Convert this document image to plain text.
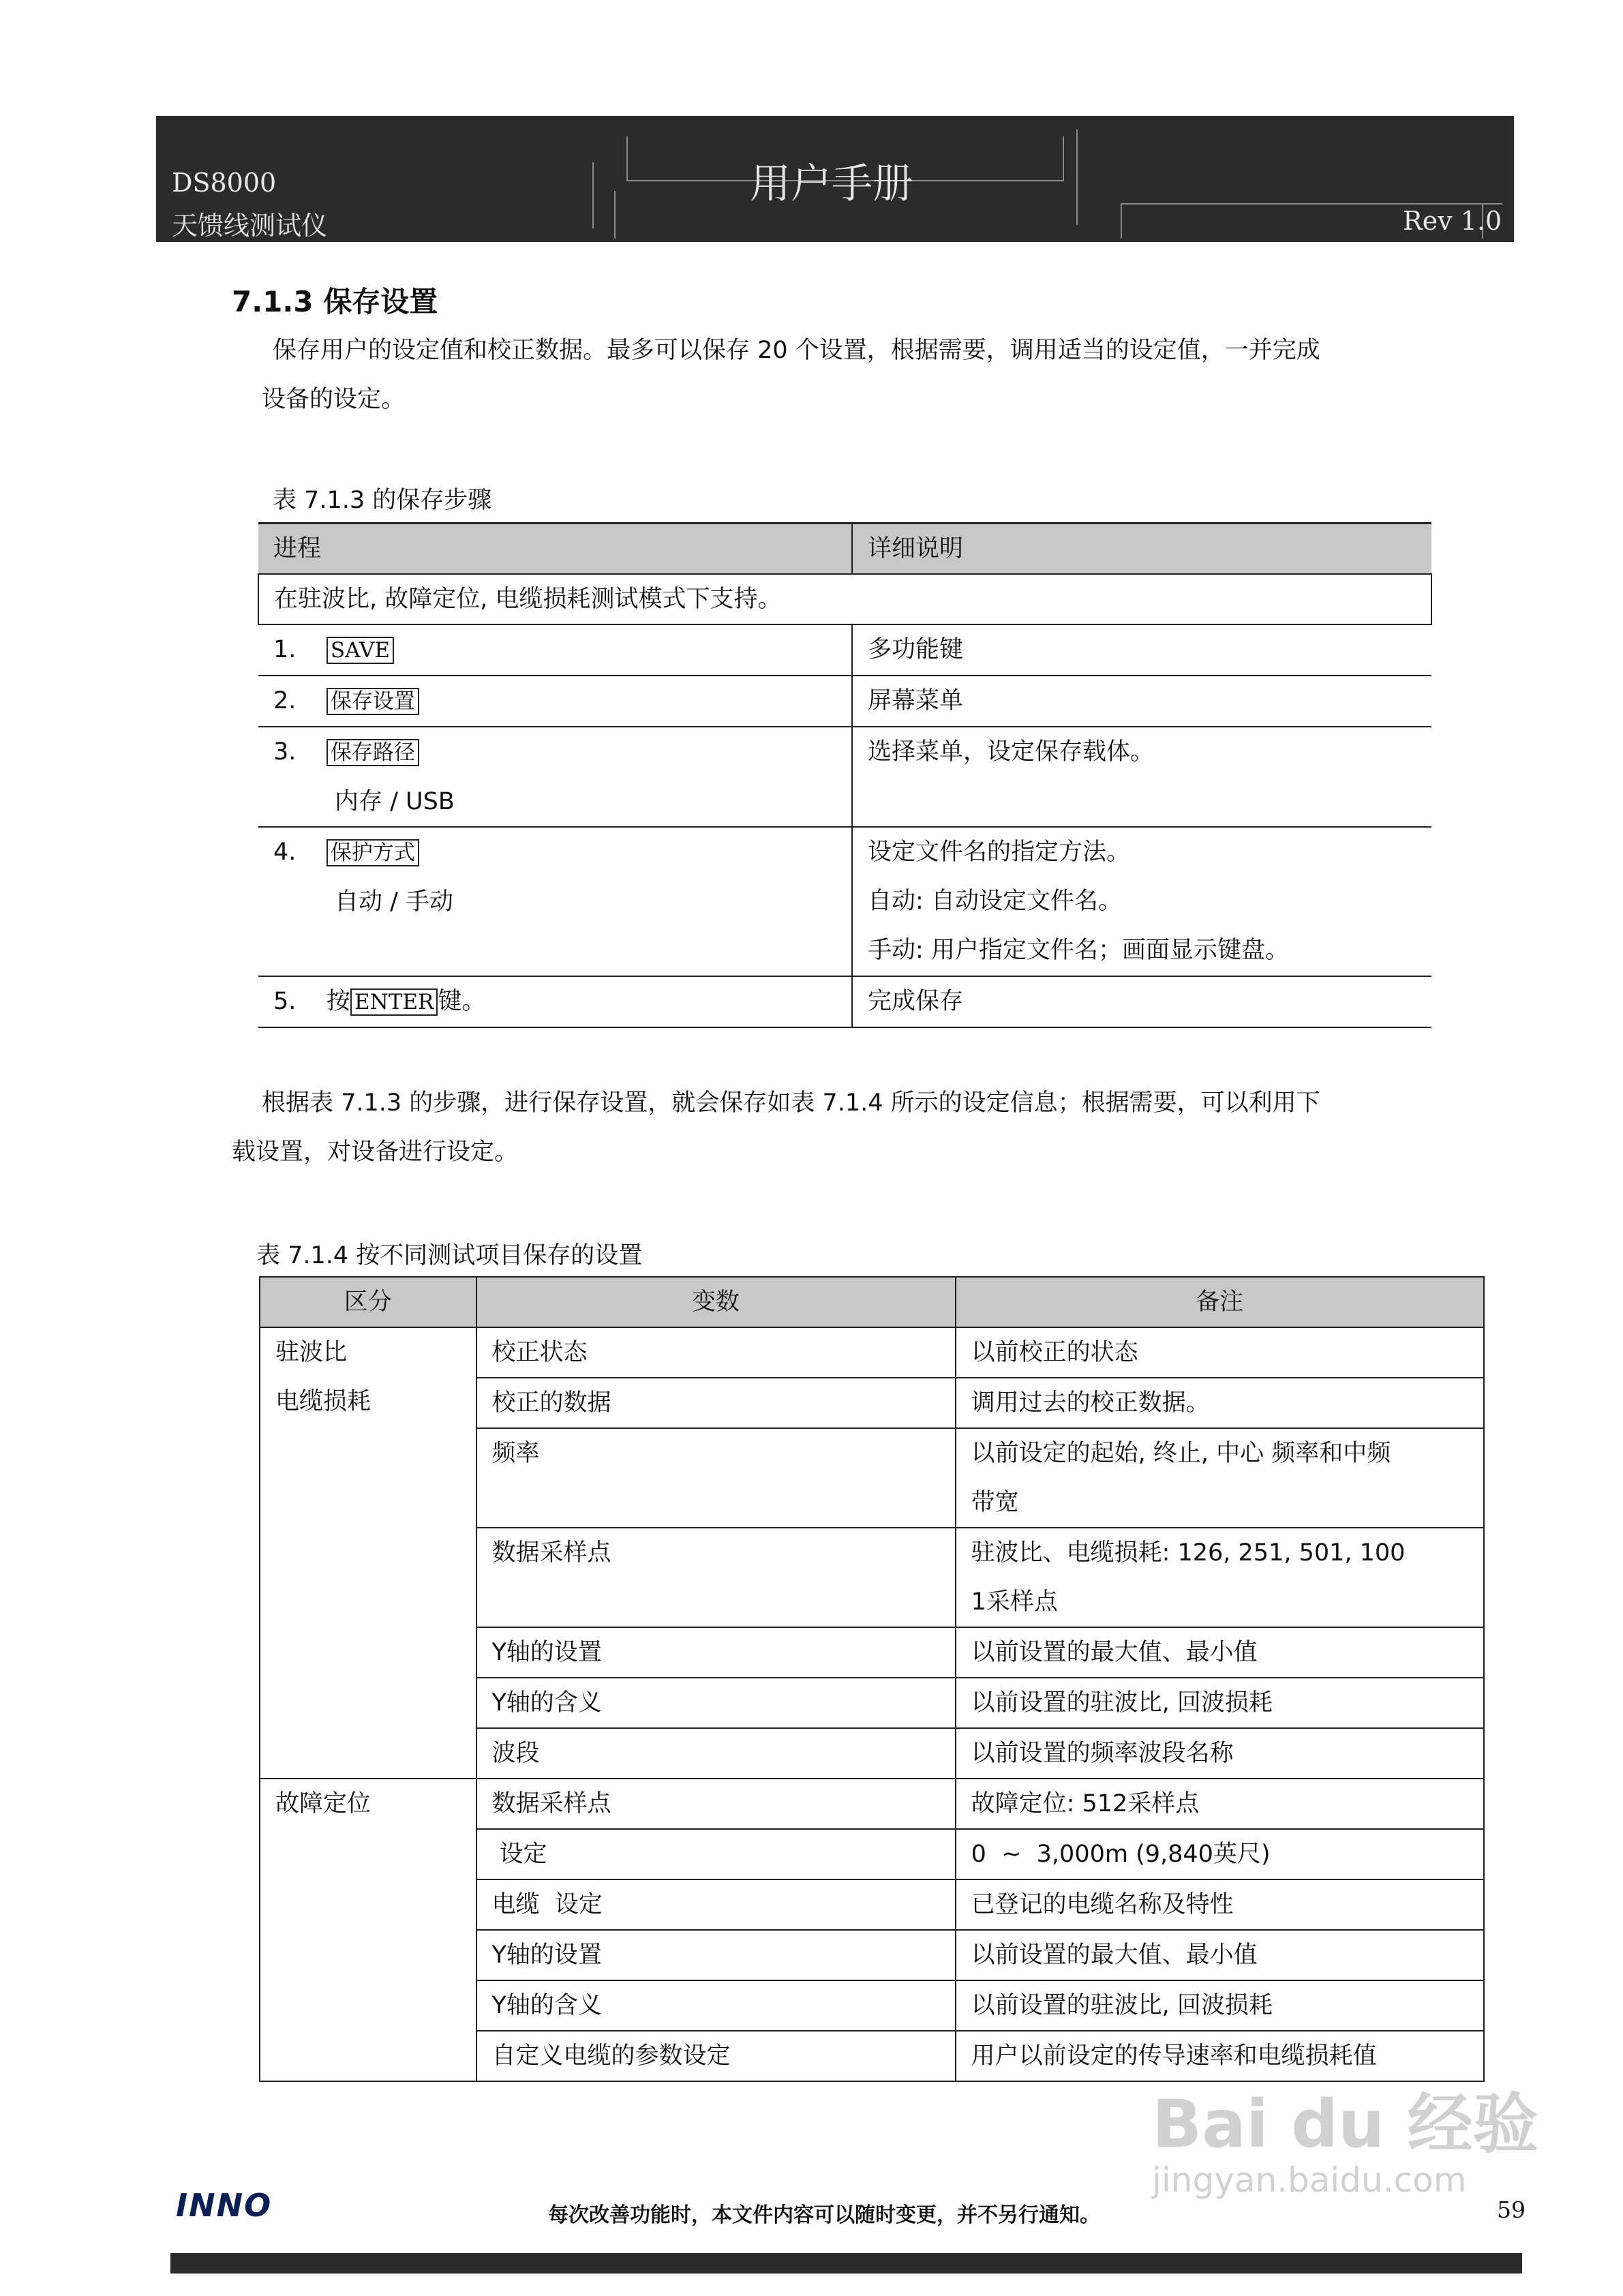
DS8000
天馈线测试仪
用户手册
Rev 1.0
7.1.3 保存设置
保存用户的设定值和校正数据。最多可以保存 20 个设置，根据需要，调用适当的设定值，一并完成
设备的设定。
表 7.1.3 的保存步骤
进程	详细说明
在驻波比, 故障定位, 电缆损耗测试模式下支持。	
1. SAVE	多功能键
2. 保存设置	屏幕菜单
3. 保存路径
内存 / USB	选择菜单，设定保存载体。
4. 保护方式
自动 / 手动	设定文件名的指定方法。
自动: 自动设定文件名。
手动: 用户指定文件名；画面显示键盘。
5. 按 ENTER 键。	完成保存
根据表 7.1.3 的步骤，进行保存设置，就会保存如表 7.1.4 所示的设定信息；根据需要，可以利用下
载设置，对设备进行设定。
表 7.1.4 按不同测试项目保存的设置
区分	变数	备注
驻波比
电缆损耗	校正状态	以前校正的状态
	校正的数据	调用过去的校正数据。
	频率	以前设定的起始, 终止, 中心 频率和中频
带宽
	数据采样点	驻波比、电缆损耗: 126, 251, 501, 100
1采样点
	Y轴的设置	以前设置的最大值、最小值
	Y轴的含义	以前设置的驻波比, 回波损耗
	波段	以前设置的频率波段名称
故障定位	数据采样点	故障定位: 512采样点
	设定	0  ~  3,000m (9,840英尺)
	电缆  设定	已登记的电缆名称及特性
	Y轴的设置	以前设置的最大值、最小值
	Y轴的含义	以前设置的驻波比, 回波损耗
	自定义电缆的参数设定	用户以前设定的传导速率和电缆损耗值
Bai du 经验
jingyan.baidu.com
INNO	每次改善功能时，本文件内容可以随时变更，并不另行通知。	59
